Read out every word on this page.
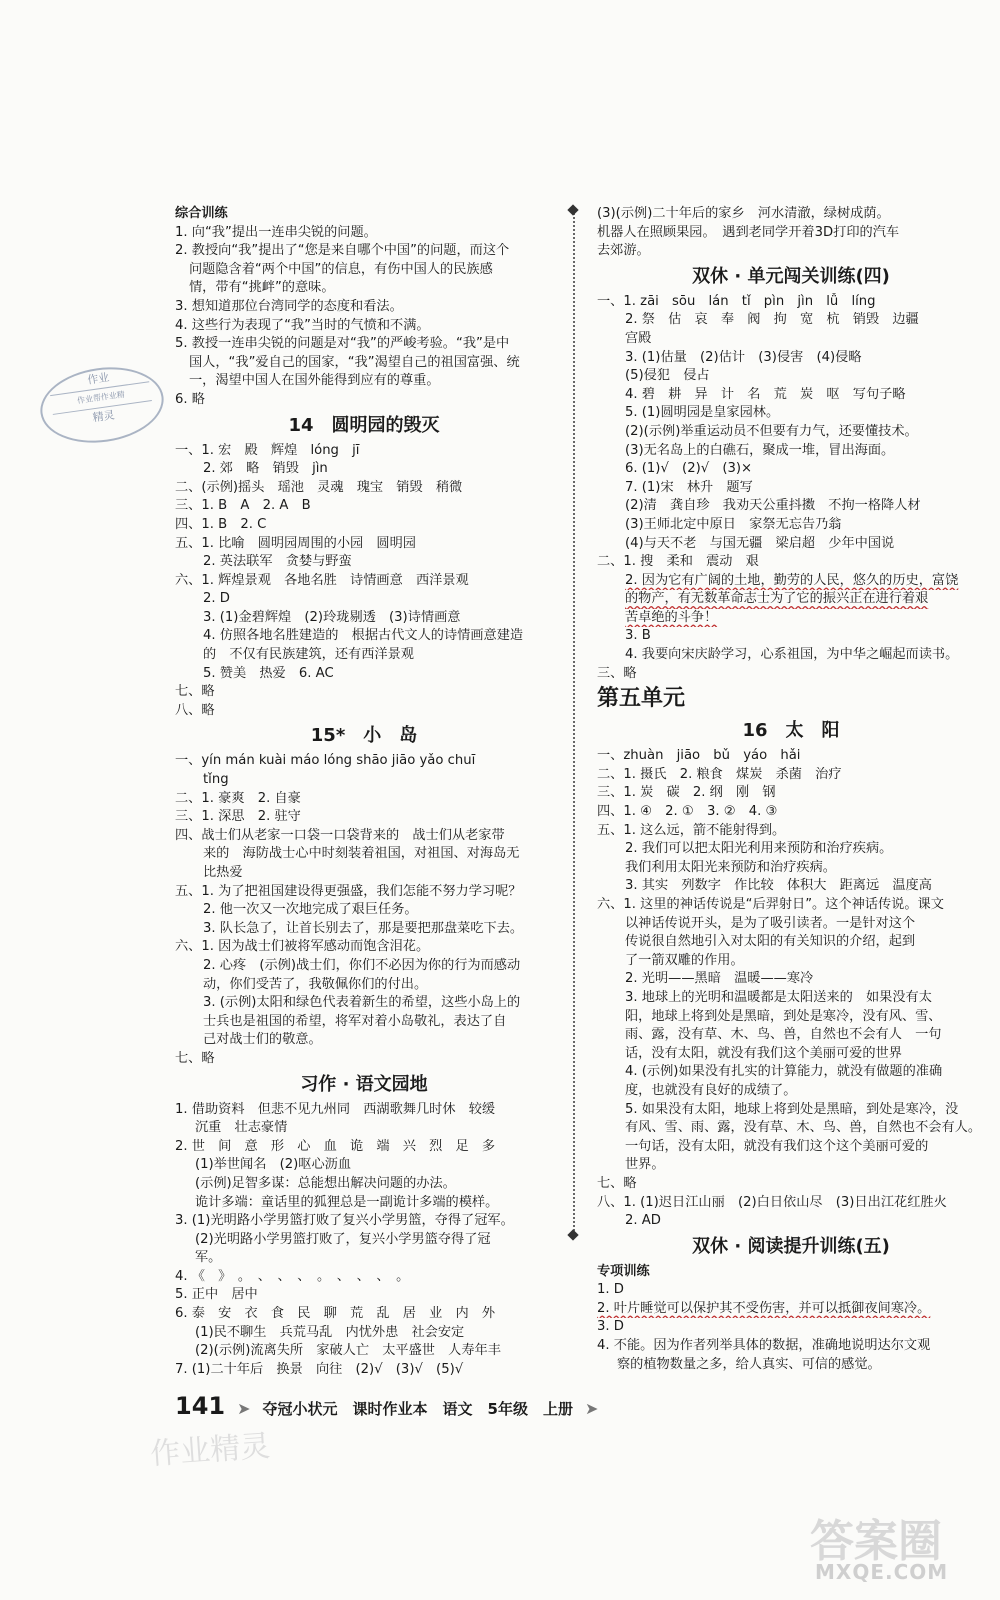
作业
作业帮作业精
精灵
综合训练
1. 向“我”提出一连串尖锐的问题。
2. 教授向“我”提出了“您是来自哪个中国”的问题，而这个
问题隐含着“两个中国”的信息，有伤中国人的民族感
情，带有“挑衅”的意味。
3. 想知道那位台湾同学的态度和看法。
4. 这些行为表现了“我”当时的气愤和不满。
5. 教授一连串尖锐的问题是对“我”的严峻考验。“我”是中
国人，“我”爱自己的国家，“我”渴望自己的祖国富强、统
一，渴望中国人在国外能得到应有的尊重。
6. 略
14　圆明园的毁灭
一、1. 宏　殿　辉煌　lóng　jī
2. 郊　略　销毁　jìn
二、(示例)摇头　瑶池　灵魂　瑰宝　销毁　稍微
三、1. B　A　2. A　B
四、1. B　2. C
五、1. 比喻　圆明园周围的小园　圆明园
2. 英法联军　贪婪与野蛮
六、1. 辉煌景观　各地名胜　诗情画意　西洋景观
2. D
3. (1)金碧辉煌　(2)玲珑剔透　(3)诗情画意
4. 仿照各地名胜建造的　根据古代文人的诗情画意建造
的　不仅有民族建筑，还有西洋景观
5. 赞美　热爱　6. AC
七、略
八、略
15*　小　岛
一、yín mán kuài máo lóng shāo jiāo yǎo chuī
tǐng
二、1. 豪爽　2. 自豪
三、1. 深思　2. 驻守
四、战士们从老家一口袋一口袋背来的　战士们从老家带
来的　海防战士心中时刻装着祖国，对祖国、对海岛无
比热爱
五、1. 为了把祖国建设得更强盛，我们怎能不努力学习呢？
2. 他一次又一次地完成了艰巨任务。
3. 队长急了，让首长别去了，那是要把那盘菜吃下去。
六、1. 因为战士们被将军感动而饱含泪花。
2. 心疼　(示例)战士们，你们不必因为你的行为而感动
动，你们受苦了，我敬佩你们的付出。
3. (示例)太阳和绿色代表着新生的希望，这些小岛上的
士兵也是祖国的希望，将军对着小岛敬礼，表达了自
己对战士们的敬意。
七、略
习作 · 语文园地
1. 借助资料　但悲不见九州同　西湖歌舞几时休　较缓
沉重　壮志豪情
2. 世　间　意　形　心　血　诡　端　兴　烈　足　多
(1)举世闻名　(2)呕心沥血
(示例)足智多谋：总能想出解决问题的办法。
诡计多端：童话里的狐狸总是一副诡计多端的模样。
3. (1)光明路小学男篮打败了复兴小学男篮，夺得了冠军。
(2)光明路小学男篮打败了，复兴小学男篮夺得了冠
军。
4. 《　》　。　、　、　、　。　、　、　、　。
5. 正中　居中
6. 泰　安　衣　食　民　聊　荒　乱　居　业　内　外
(1)民不聊生　兵荒马乱　内忧外患　社会安定
(2)(示例)流离失所　家破人亡　太平盛世　人寿年丰
7. (1)二十年后　换景　向往　(2)√　(3)√　(5)√
(3)(示例)二十年后的家乡　河水清澈，绿树成荫。
机器人在照顾果园。　遇到老同学开着3D打印的汽车
去郊游。
双休 · 单元闯关训练(四)
一、1. zāi　sōu　lán　tǐ　pìn　jìn　lǚ　líng
2. 祭　估　哀　奉　阀　拘　宽　杭　销毁　边疆
宫殿
3. (1)估量　(2)估计　(3)侵害　(4)侵略
(5)侵犯　侵占
4. 碧　耕　异　计　名　荒　炭　呕　写句子略
5. (1)圆明园是皇家园林。
(2)(示例)举重运动员不但要有力气，还要懂技术。
(3)无名岛上的白礁石，聚成一堆，冒出海面。
6. (1)√　(2)√　(3)×
7. (1)宋　林升　题写
(2)清　龚自珍　我劝天公重抖擞　不拘一格降人材
(3)王师北定中原日　家祭无忘告乃翁
(4)与天不老　与国无疆　梁启超　少年中国说
二、1. 搜　柔和　震动　艰
2. 因为它有广阔的土地，勤劳的人民，悠久的历史，富饶
的物产，有无数革命志士为了它的振兴正在进行着艰
苦卓绝的斗争！
3. B
4. 我要向宋庆龄学习，心系祖国，为中华之崛起而读书。
三、略
第五单元
16　太　阳
一、zhuàn　jiāo　bǔ　yáo　hǎi
二、1. 摄氏　2. 粮食　煤炭　杀菌　治疗
三、1. 炭　碳　2. 纲　刚　钢
四、1. ④　2. ①　3. ②　4. ③
五、1. 这么远，箭不能射得到。
2. 我们可以把太阳光利用来预防和治疗疾病。
我们利用太阳光来预防和治疗疾病。
3. 其实　列数字　作比较　体积大　距离远　温度高
六、1. 这里的神话传说是“后羿射日”。这个神话传说。课文
以神话传说开头，是为了吸引读者。一是针对这个
传说很自然地引入对太阳的有关知识的介绍，起到
了一箭双雕的作用。
2. 光明——黑暗　温暖——寒冷
3. 地球上的光明和温暖都是太阳送来的　如果没有太
阳，地球上将到处是黑暗，到处是寒冷，没有风、雪、
雨、露，没有草、木、鸟、兽，自然也不会有人　一句
话，没有太阳，就没有我们这个美丽可爱的世界
4. (示例)如果没有扎实的计算能力，就没有做题的准确
度，也就没有良好的成绩了。
5. 如果没有太阳，地球上将到处是黑暗，到处是寒冷，没
有风、雪、雨、露，没有草、木、鸟、兽，自然也不会有人。
一句话，没有太阳，就没有我们这个这个美丽可爱的
世界。
七、略
八、1. (1)迟日江山丽　(2)白日依山尽　(3)日出江花红胜火
2. AD
双休 · 阅读提升训练(五)
专项训练
1. D
2. 叶片睡觉可以保护其不受伤害，并可以抵御夜间寒冷。
3. D
4. 不能。因为作者列举具体的数据，准确地说明达尔文观
察的植物数量之多，给人真实、可信的感觉。
141 ➤ 夺冠小状元　课时作业本　语文　5年级　上册 ➤
作业精灵
答案圈
MXQE.COM
